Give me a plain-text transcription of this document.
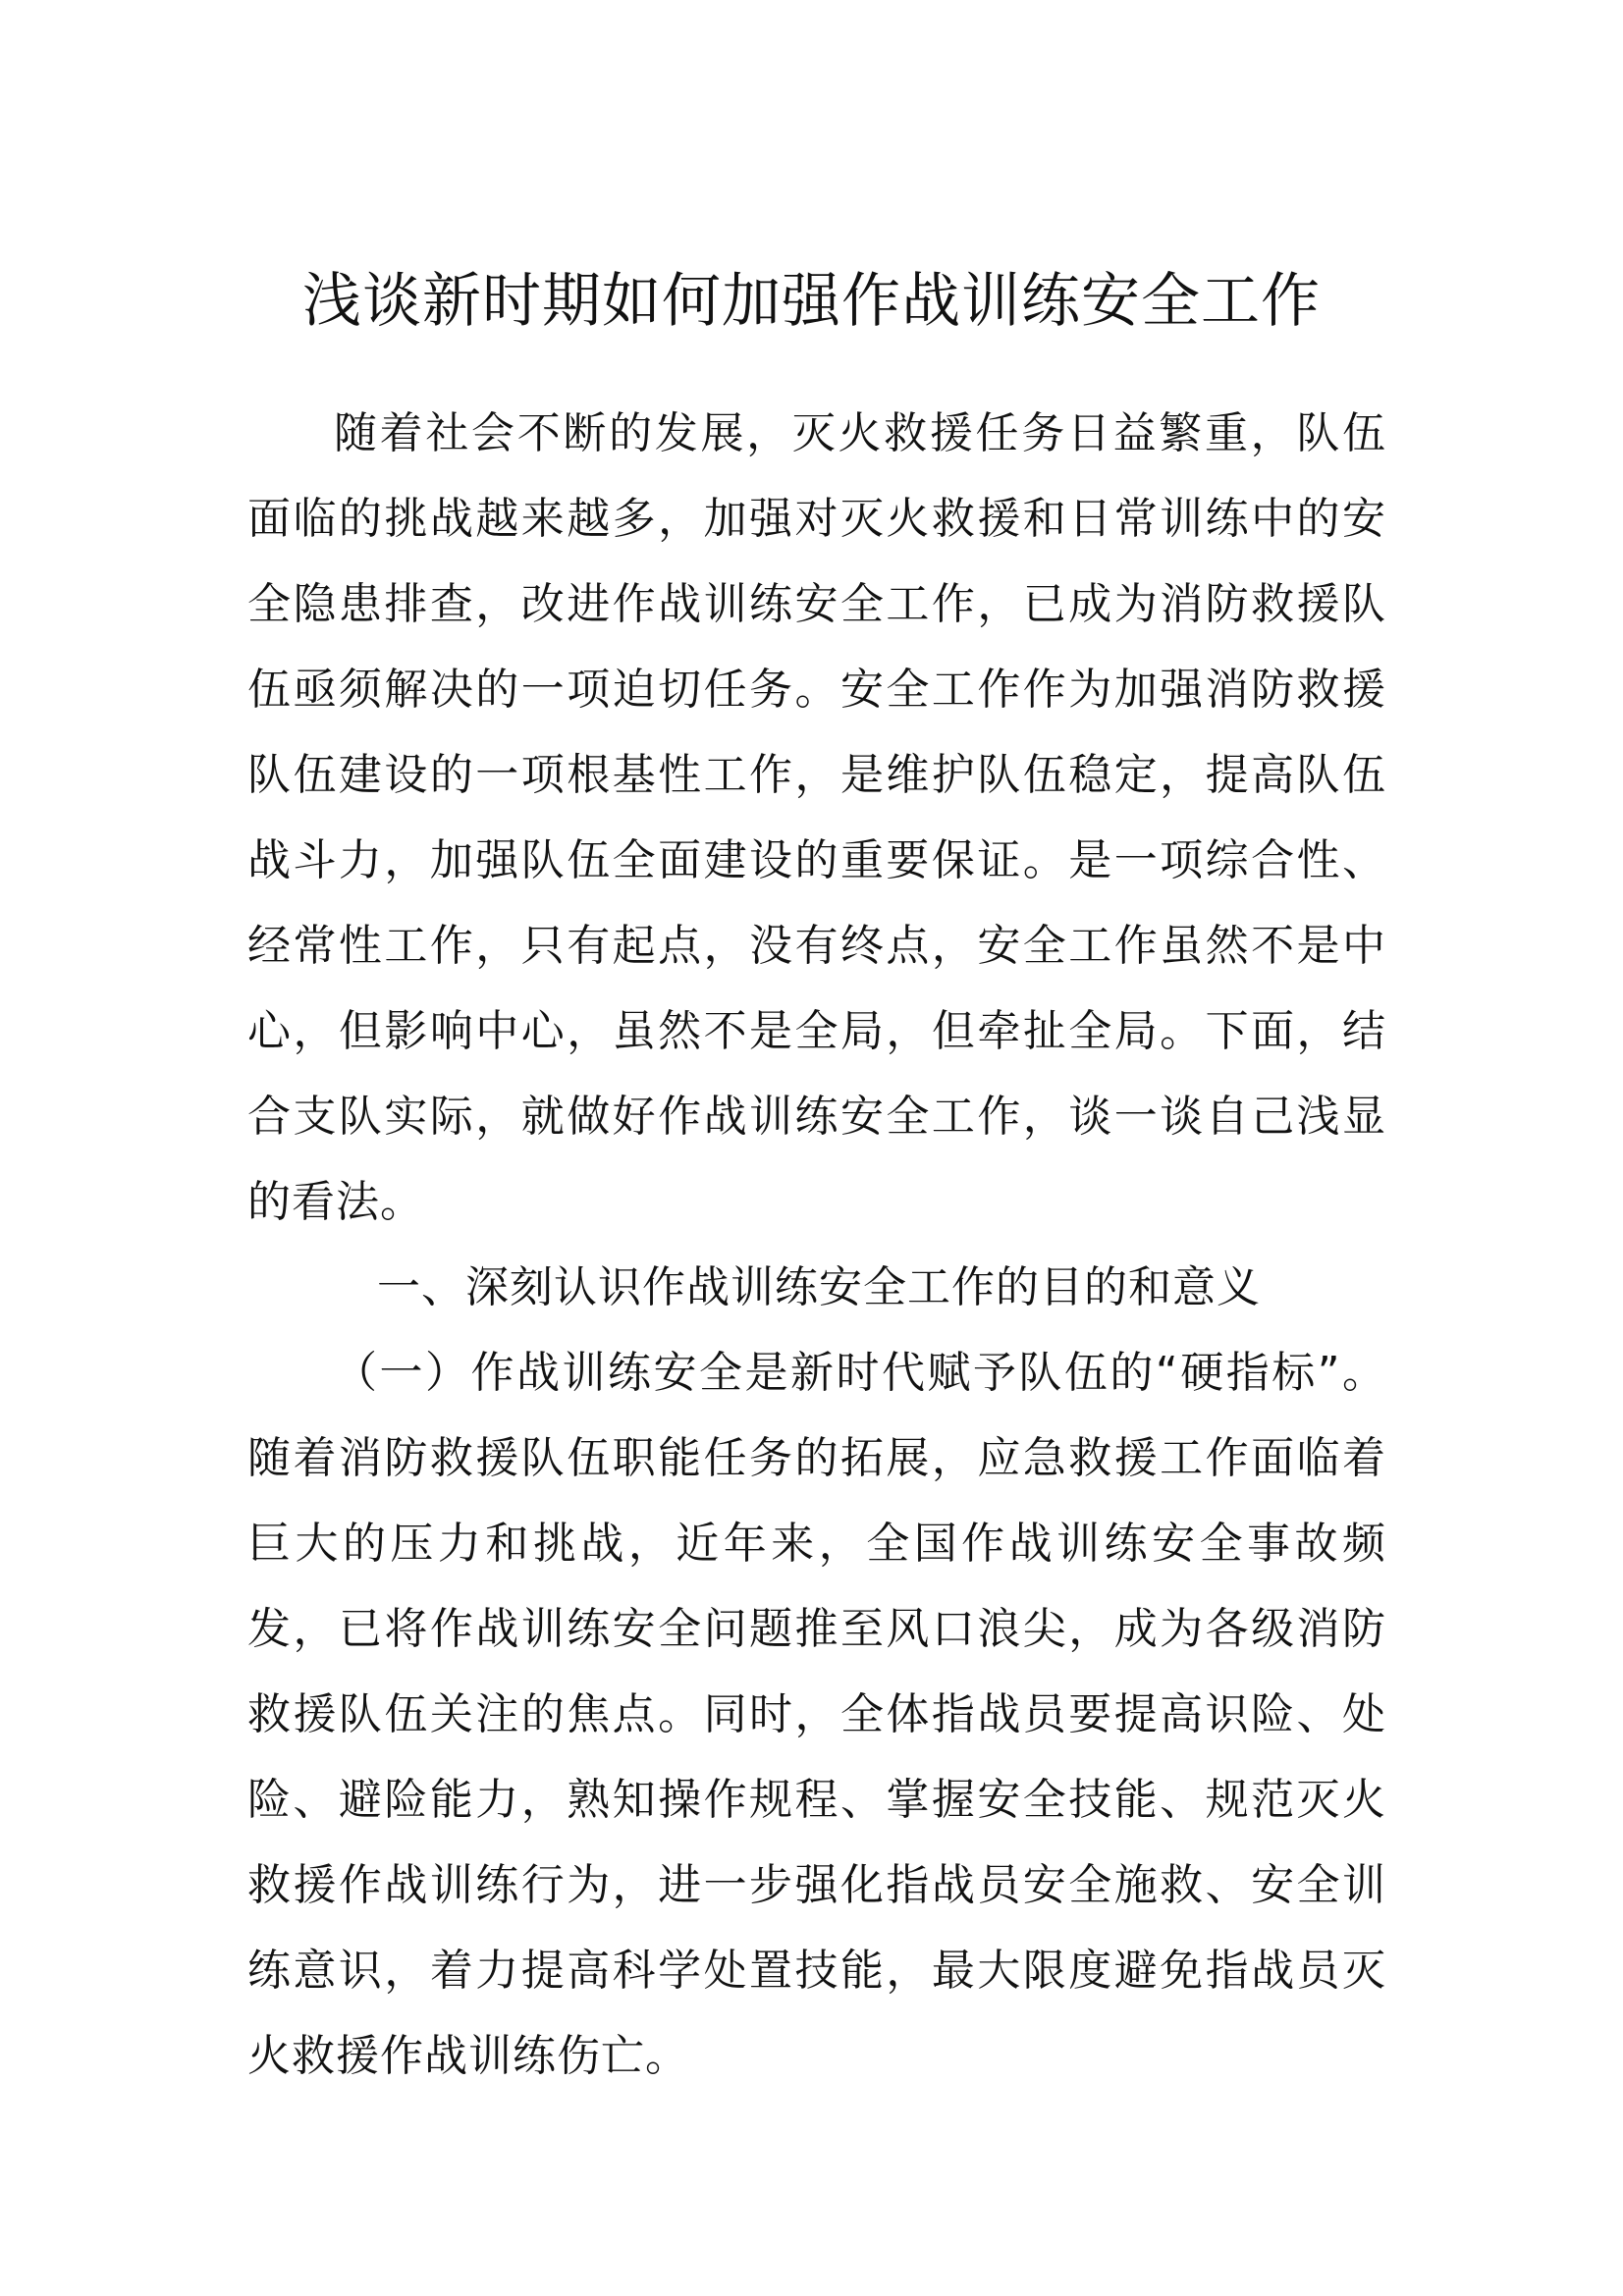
浅谈新时期如何加强作战训练安全工作

随着社会不断的发展，灭火救援任务日益繁重，队伍面临的挑战越来越多，加强对灭火救援和日常训练中的安全隐患排查，改进作战训练安全工作，已成为消防救援队伍亟须解决的一项迫切任务。安全工作作为加强消防救援队伍建设的一项根基性工作，是维护队伍稳定，提高队伍战斗力，加强队伍全面建设的重要保证。是一项综合性、经常性工作，只有起点，没有终点，安全工作虽然不是中心，但影响中心，虽然不是全局，但牵扯全局。下面，结合支队实际，就做好作战训练安全工作，谈一谈自己浅显的看法。

一、深刻认识作战训练安全工作的目的和意义

（一）作战训练安全是新时代赋予队伍的“硬指标”。随着消防救援队伍职能任务的拓展，应急救援工作面临着巨大的压力和挑战，近年来，全国作战训练安全事故频发，已将作战训练安全问题推至风口浪尖，成为各级消防救援队伍关注的焦点。同时，全体指战员要提高识险、处险、避险能力，熟知操作规程、掌握安全技能、规范灭火救援作战训练行为，进一步强化指战员安全施救、安全训练意识，着力提高科学处置技能，最大限度避免指战员灭火救援作战训练伤亡。
